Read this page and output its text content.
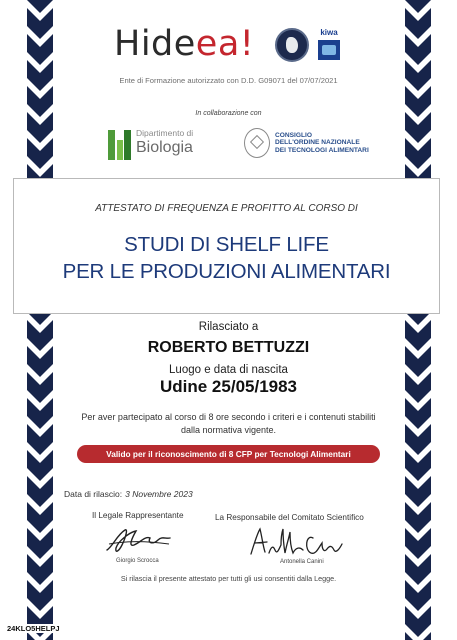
Hide ea!	kiwa
Ente di Formazione autorizzato con D.D. G09071 del 07/07/2021
In collaborazione con
Dipartimento di
Biologia
CONSIGLIO
DELL'ORDINE NAZIONALE
DEI TECNOLOGI ALIMENTARI
ATTESTATO DI FREQUENZA E PROFITTO AL CORSO DI
STUDI DI SHELF LIFE
PER LE PRODUZIONI ALIMENTARI
Rilasciato a
ROBERTO BETTUZZI
Luogo e data di nascita
Udine 25/05/1983
Per aver partecipato al corso di 8 ore secondo i criteri e i contenuti stabiliti
dalla normativa vigente.
Valido per il riconoscimento di 8 CFP per Tecnologi Alimentari
Data di rilascio: 3 Novembre 2023
Il Legale Rappresentante
Giorgio Scrocca
La Responsabile del Comitato Scientifico
Antonella Canini
Si rilascia il presente attestato per tutti gli usi consentiti dalla Legge.
24KLO5HELPJ
